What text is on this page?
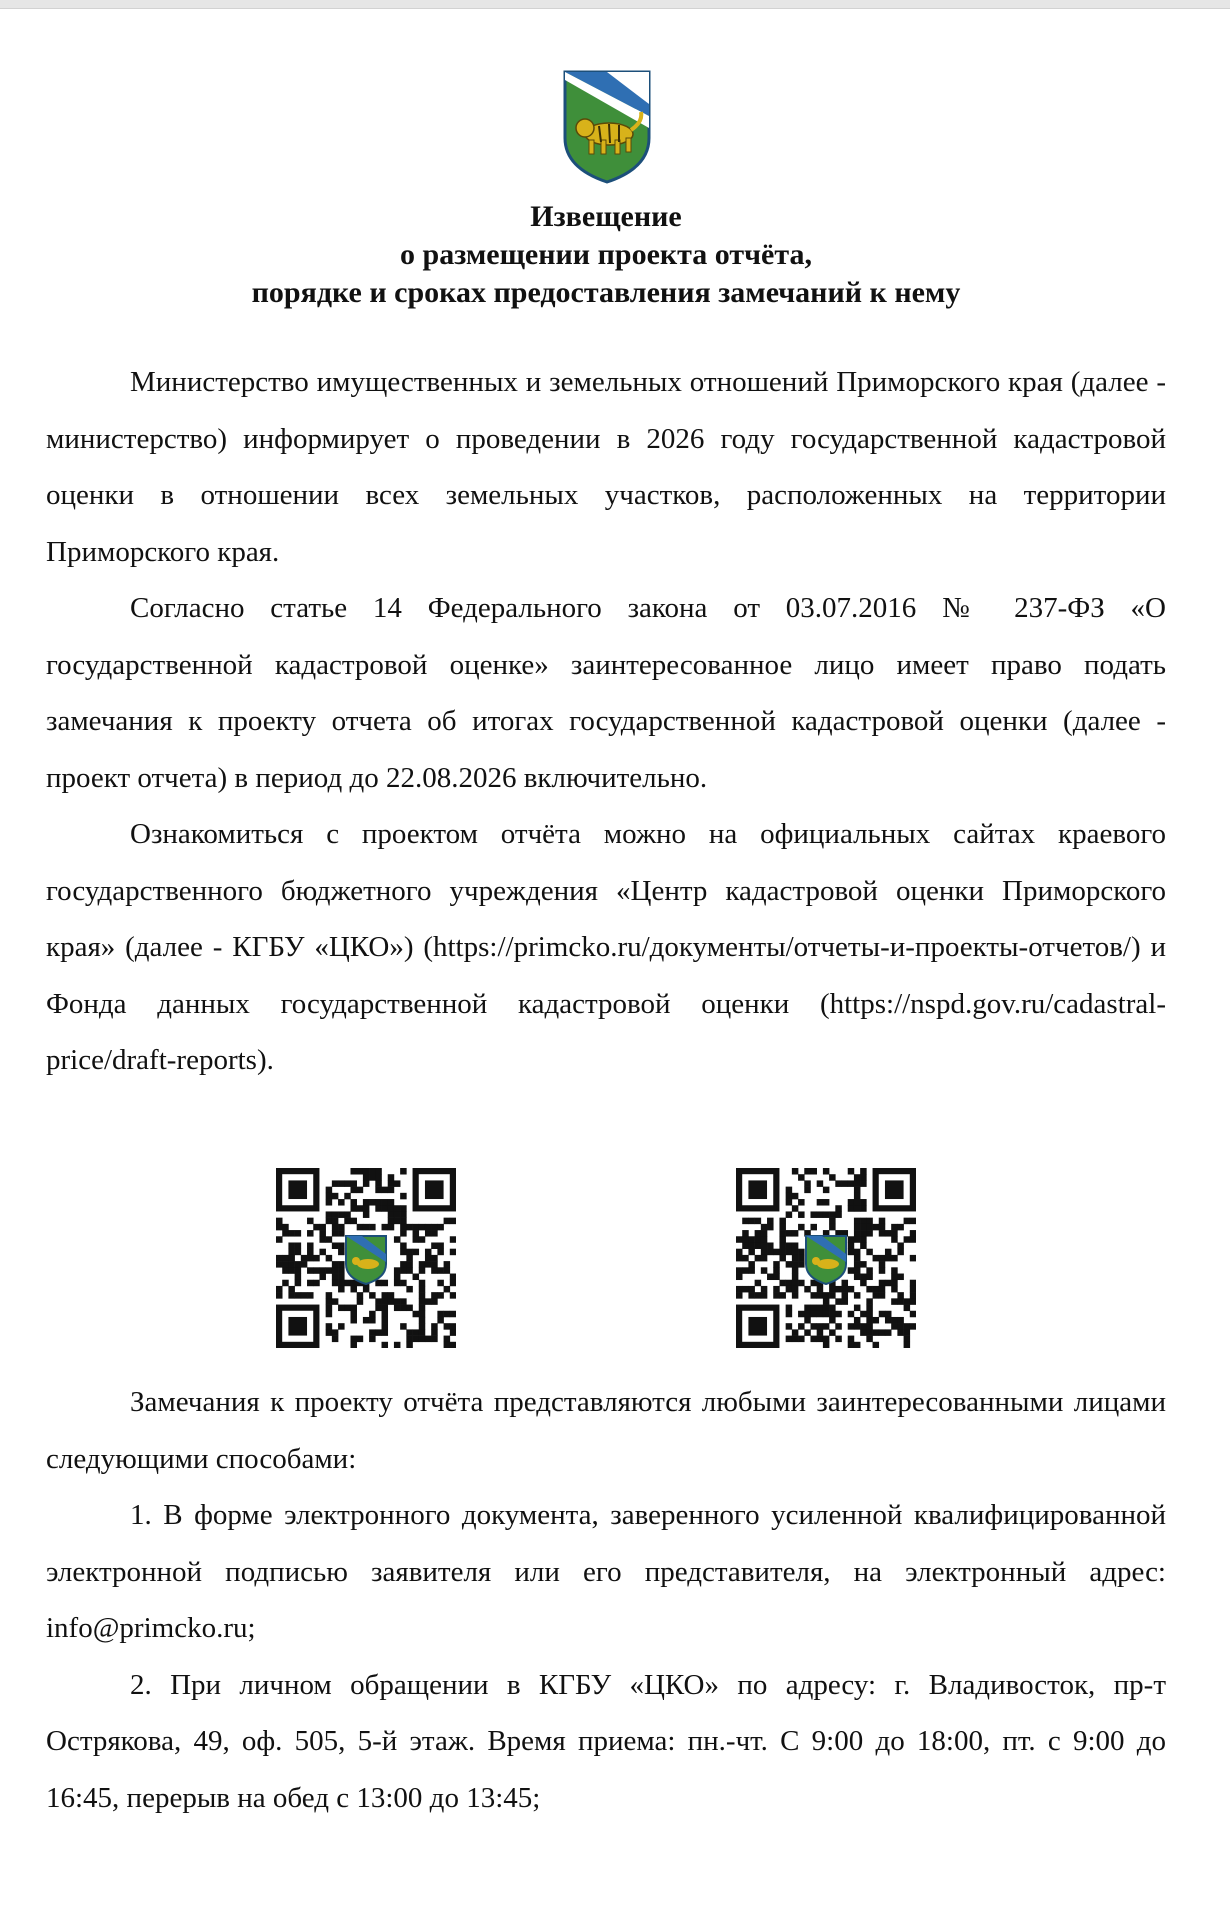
Извещение
о размещении проекта отчёта,
порядке и сроках предоставления замечаний к нему

Министерство имущественных и земельных отношений Приморского края (далее - министерство) информирует о проведении в 2026 году государственной кадастровой оценки в отношении всех земельных участков, расположенных на территории Приморского края.

Согласно статье 14 Федерального закона от 03.07.2016 № 237-ФЗ «О государственной кадастровой оценке» заинтересованное лицо имеет право подать замечания к проекту отчета об итогах государственной кадастровой оценки (далее - проект отчета) в период до 22.08.2026 включительно.

Ознакомиться с проектом отчёта можно на официальных сайтах краевого государственного бюджетного учреждения «Центр кадастровой оценки Приморского края» (далее - КГБУ «ЦКО») (https://primcko.ru/документы/отчеты-и-проекты-отчетов/) и Фонда данных государственной кадастровой оценки (https://nspd.gov.ru/cadastral-price/draft-reports).

Замечания к проекту отчёта представляются любыми заинтересованными лицами следующими способами:

1. В форме электронного документа, заверенного усиленной квалифицированной электронной подписью заявителя или его представителя, на электронный адрес: info@primcko.ru;

2. При личном обращении в КГБУ «ЦКО» по адресу: г. Владивосток, пр-т Острякова, 49, оф. 505, 5-й этаж. Время приема: пн.-чт. С 9:00 до 18:00, пт. с 9:00 до 16:45, перерыв на обед с 13:00 до 13:45;
